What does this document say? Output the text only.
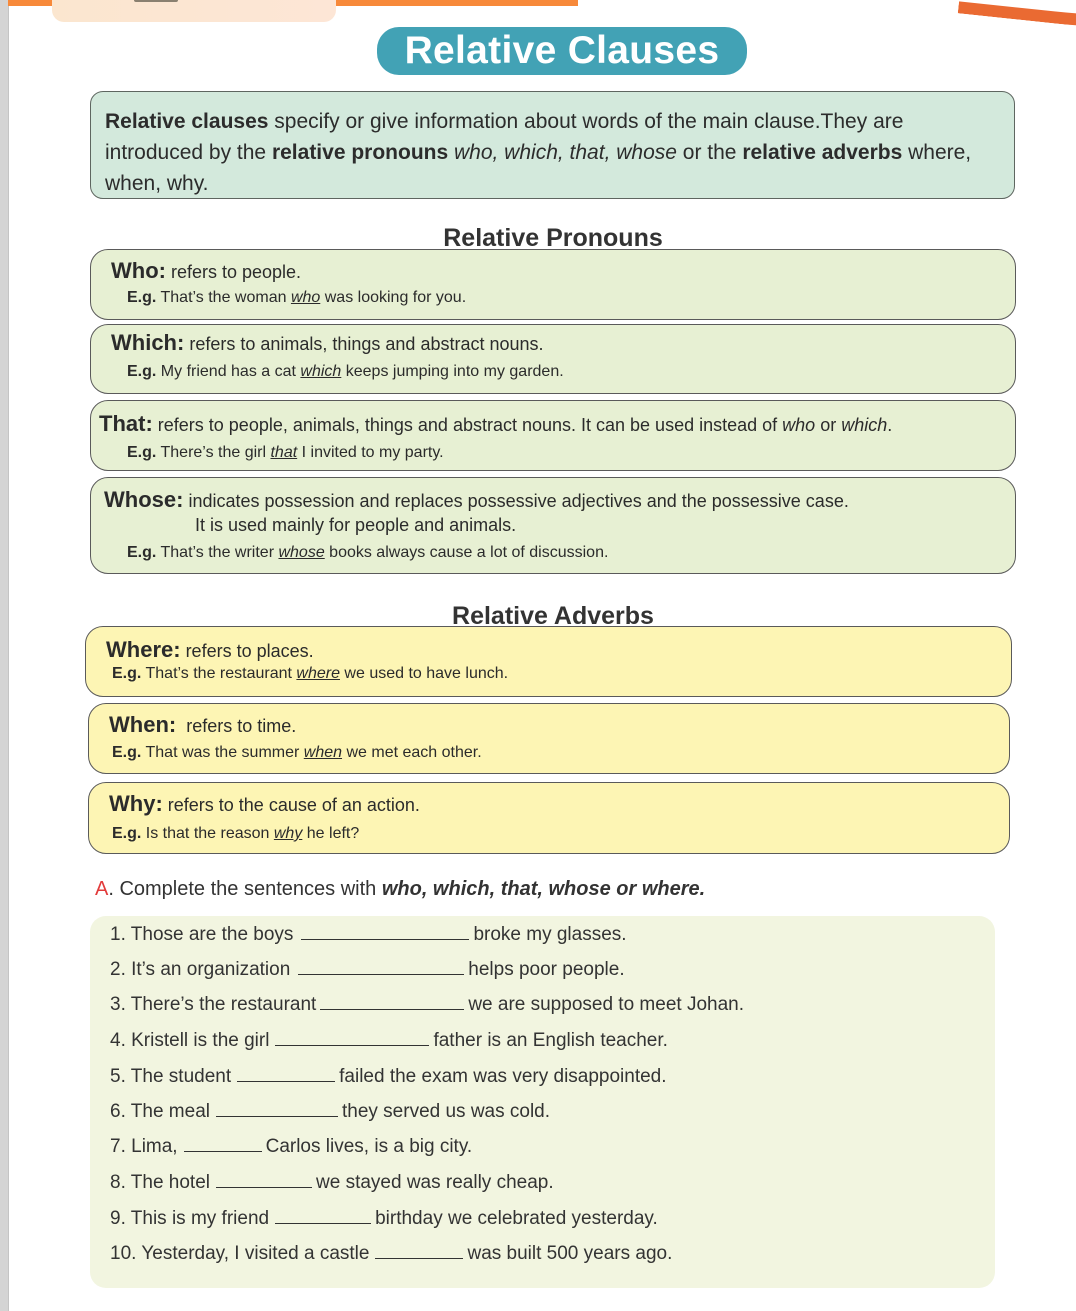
Relative Clauses
Relative clauses specify or give information about words of the main clause.They are introduced by the relative pronouns who, which, that, whose or the relative adverbs where, when, why.
Relative Pronouns
Who: refers to people.
E.g. That’s the woman who was looking for you.
Which: refers to animals, things and abstract nouns.
E.g. My friend has a cat which keeps jumping into my garden.
That: refers to people, animals, things and abstract nouns. It can be used instead of who or which.
E.g. There’s the girl that I invited to my party.
Whose: indicates possession and replaces possessive adjectives and the possessive case.
It is used mainly for people and animals.
E.g. That’s the writer whose books always cause a lot of discussion.
Relative Adverbs
Where: refers to places.
E.g. That’s the restaurant where we used to have lunch.
When:  refers to time.
E.g. That was the summer when we met each other.
Why: refers to the cause of an action.
E.g. Is that the reason why he left?
A. Complete the sentences with who, which, that, whose or where.
1. Those are the boys	broke my glasses.
2. It’s an organization	helps poor people.
3. There’s the restaurant	we are supposed to meet Johan.
4. Kristell is the girl	father is an English teacher.
5. The student	failed the exam was very disappointed.
6. The meal	they served us was cold.
7. Lima,	Carlos lives, is a big city.
8. The hotel	we stayed was really cheap.
9. This is my friend	birthday we celebrated yesterday.
10. Yesterday, I visited a castle	was built 500 years ago.
